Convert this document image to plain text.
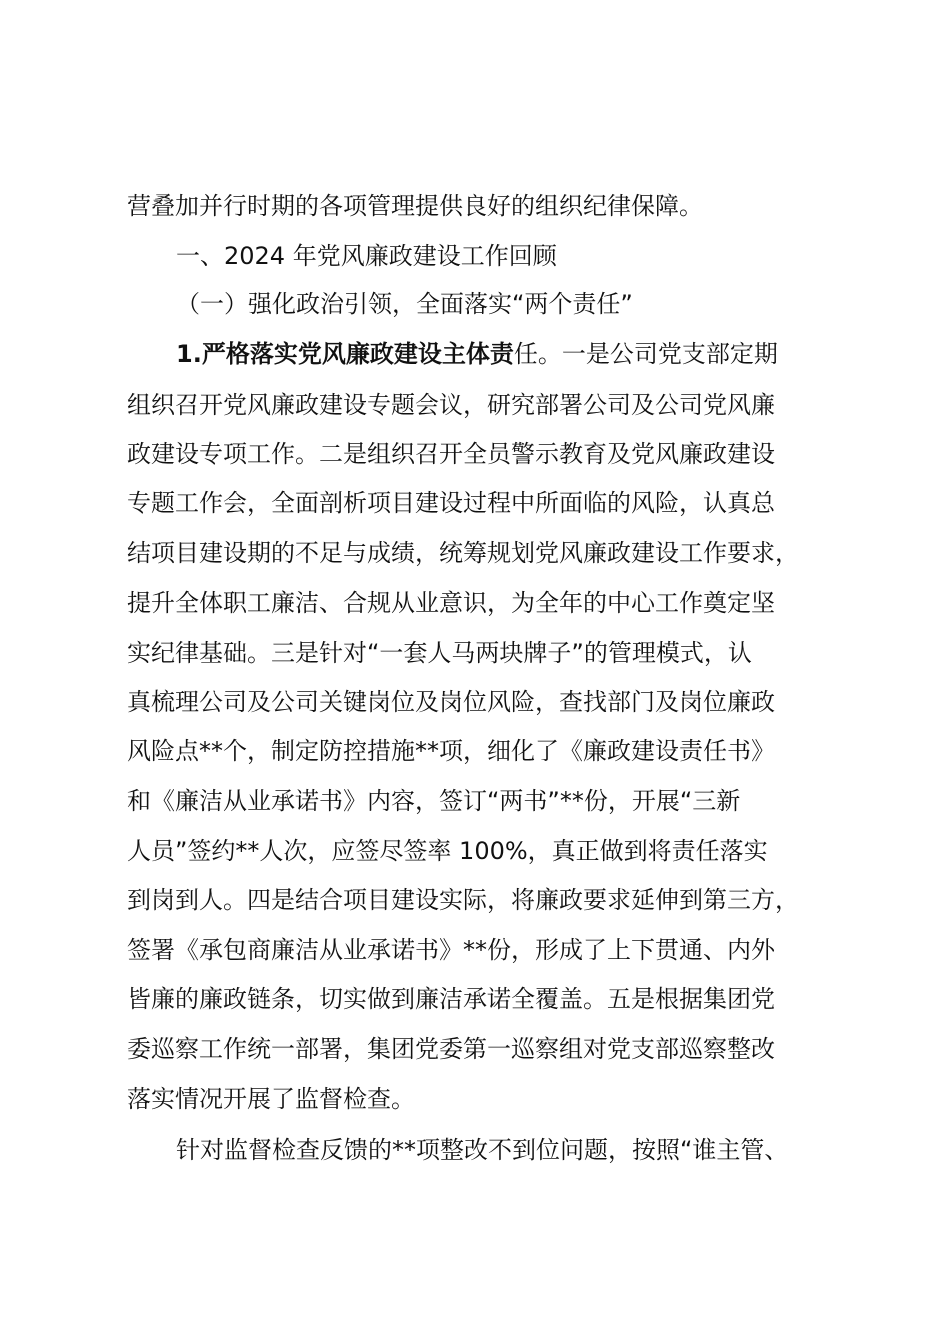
营叠加并行时期的各项管理提供良好的组织纪律保障。
一、2024 年党风廉政建设工作回顾
（一）强化政治引领，全面落实“两个责任”
1.严格落实党风廉政建设主体责任。一是公司党支部定期
组织召开党风廉政建设专题会议，研究部署公司及公司党风廉
政建设专项工作。二是组织召开全员警示教育及党风廉政建设
专题工作会，全面剖析项目建设过程中所面临的风险，认真总
结项目建设期的不足与成绩，统筹规划党风廉政建设工作要求，
提升全体职工廉洁、合规从业意识，为全年的中心工作奠定坚
实纪律基础。三是针对“一套人马两块牌子”的管理模式，认
真梳理公司及公司关键岗位及岗位风险，查找部门及岗位廉政
风险点**个，制定防控措施**项，细化了《廉政建设责任书》
和《廉洁从业承诺书》内容，签订“两书”**份，开展“三新
人员”签约**人次，应签尽签率 100%，真正做到将责任落实
到岗到人。四是结合项目建设实际，将廉政要求延伸到第三方，
签署《承包商廉洁从业承诺书》**份，形成了上下贯通、内外
皆廉的廉政链条，切实做到廉洁承诺全覆盖。五是根据集团党
委巡察工作统一部署，集团党委第一巡察组对党支部巡察整改
落实情况开展了监督检查。
针对监督检查反馈的**项整改不到位问题，按照“谁主管、
